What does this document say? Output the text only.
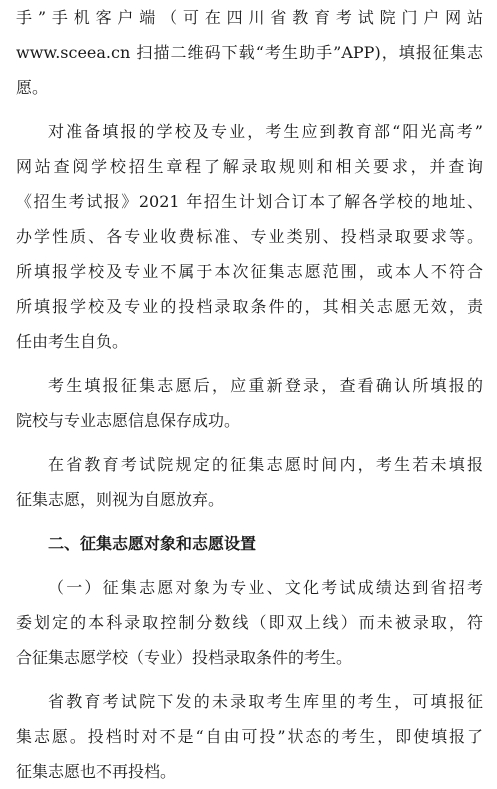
手”手机客户端（可在四川省教育考试院门户网站
www.sceea.cn 扫描二维码下载“考生助手”APP)，填报征集志
愿。
对准备填报的学校及专业，考生应到教育部“阳光高考”
网站查阅学校招生章程了解录取规则和相关要求，并查询
《招生考试报》2021 年招生计划合订本了解各学校的地址、
办学性质、各专业收费标准、专业类别、投档录取要求等。
所填报学校及专业不属于本次征集志愿范围，或本人不符合
所填报学校及专业的投档录取条件的，其相关志愿无效，责
任由考生自负。
考生填报征集志愿后，应重新登录，查看确认所填报的
院校与专业志愿信息保存成功。
在省教育考试院规定的征集志愿时间内，考生若未填报
征集志愿，则视为自愿放弃。
二、征集志愿对象和志愿设置
（一）征集志愿对象为专业、文化考试成绩达到省招考
委划定的本科录取控制分数线（即双上线）而未被录取，符
合征集志愿学校（专业）投档录取条件的考生。
省教育考试院下发的未录取考生库里的考生，可填报征
集志愿。投档时对不是“自由可投”状态的考生，即使填报了
征集志愿也不再投档。
